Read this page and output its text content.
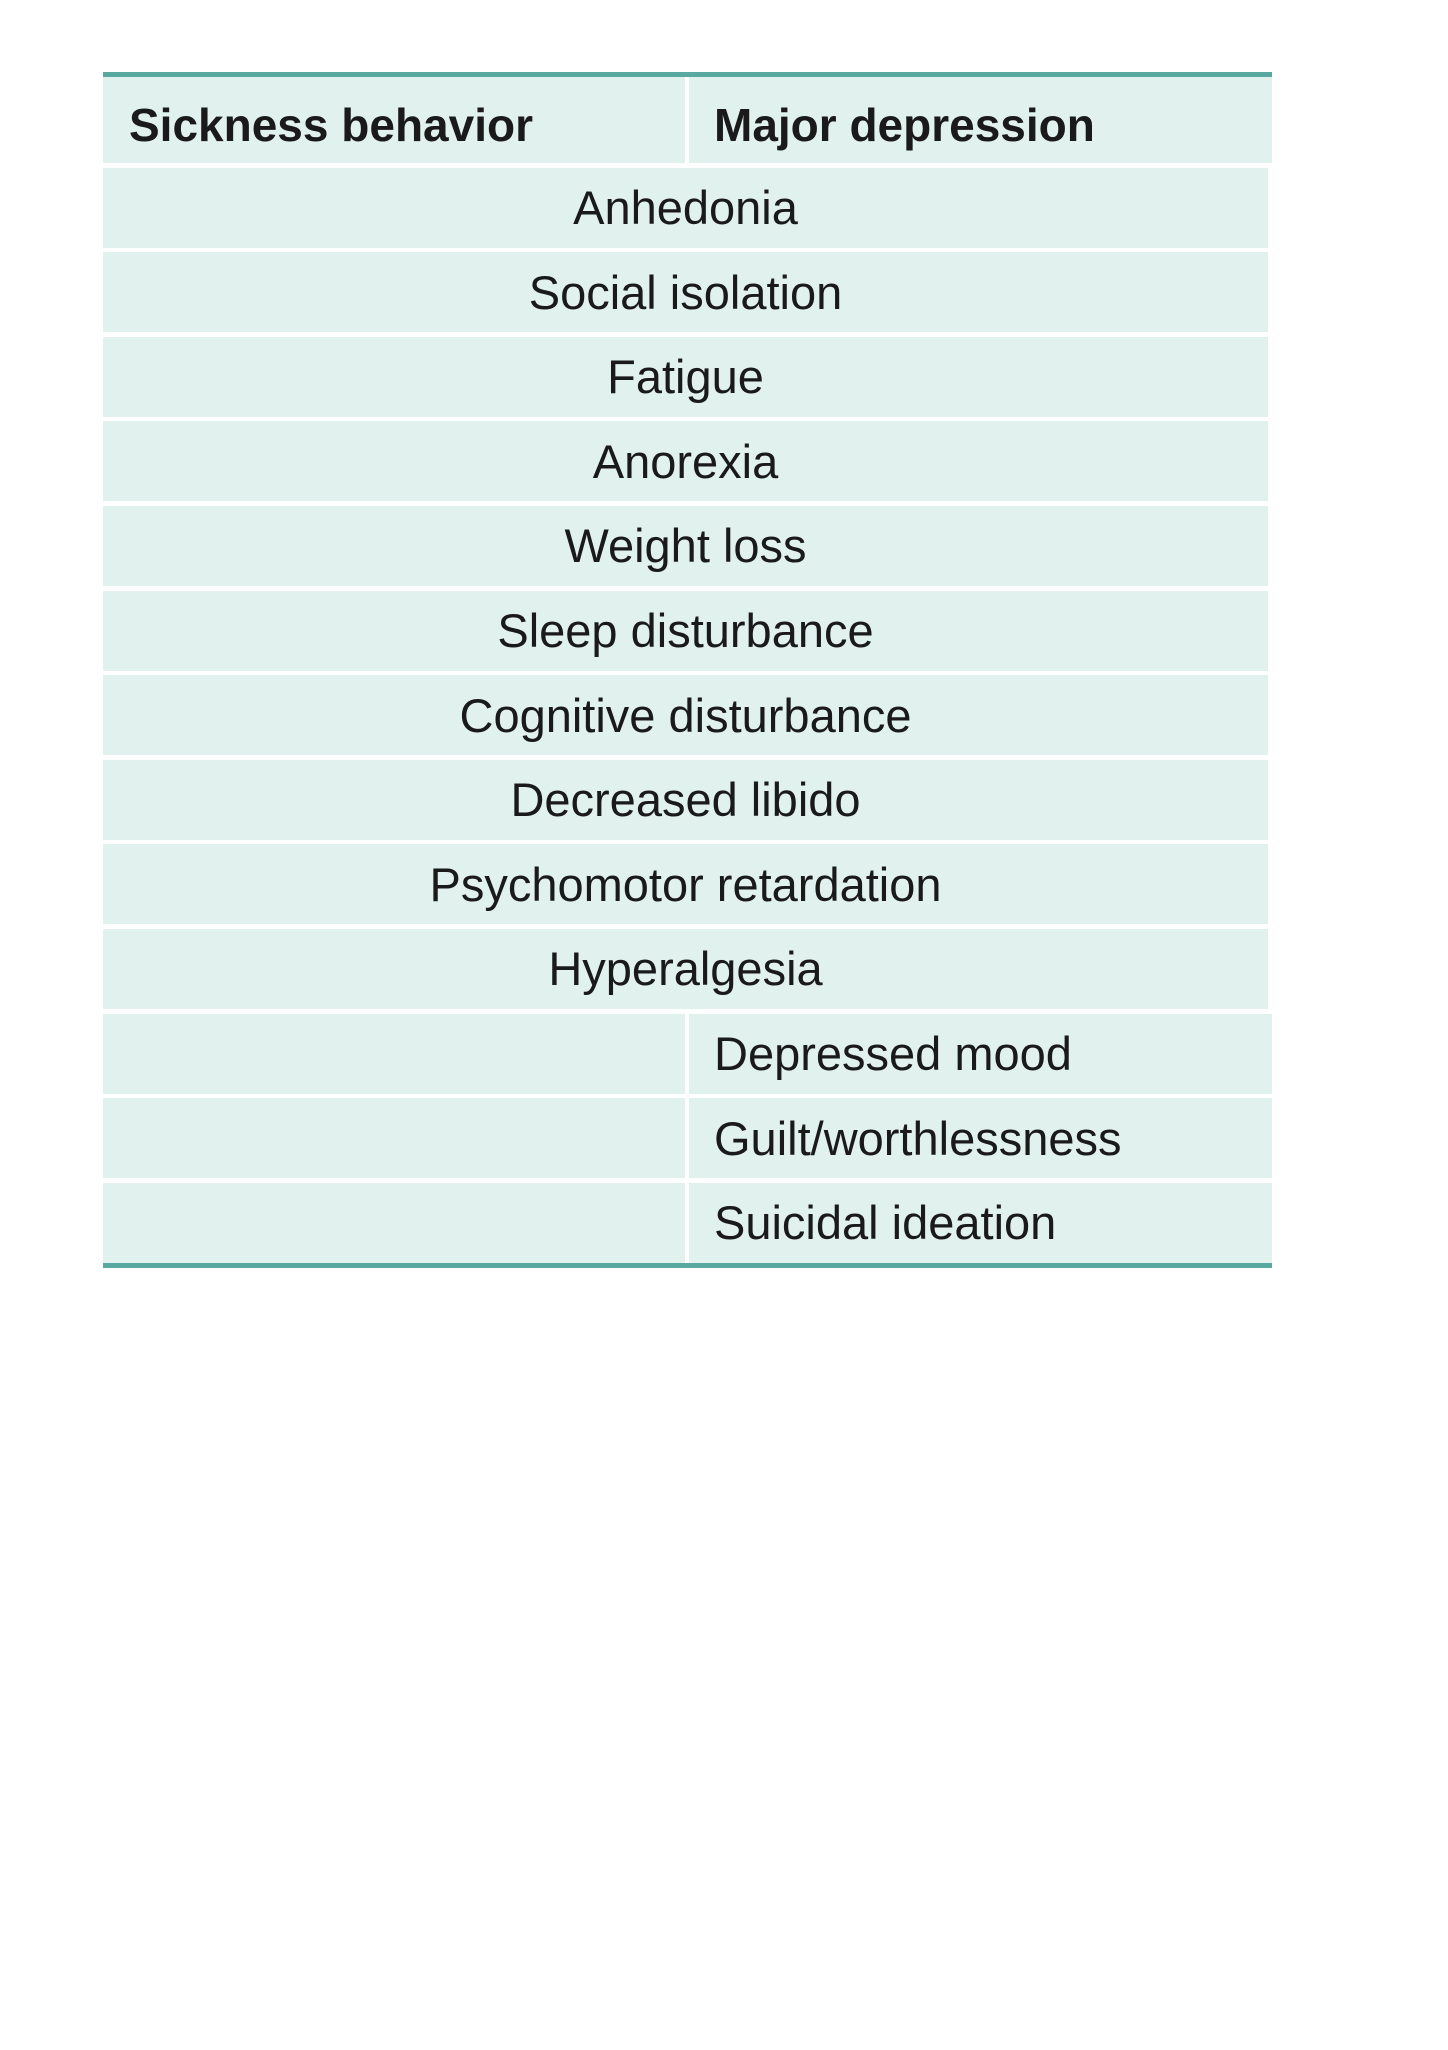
Sickness behavior	Major depression
Anhedonia
Social isolation
Fatigue
Anorexia
Weight loss
Sleep disturbance
Cognitive disturbance
Decreased libido
Psychomotor retardation
Hyperalgesia
Depressed mood
Guilt/worthlessness
Suicidal ideation
